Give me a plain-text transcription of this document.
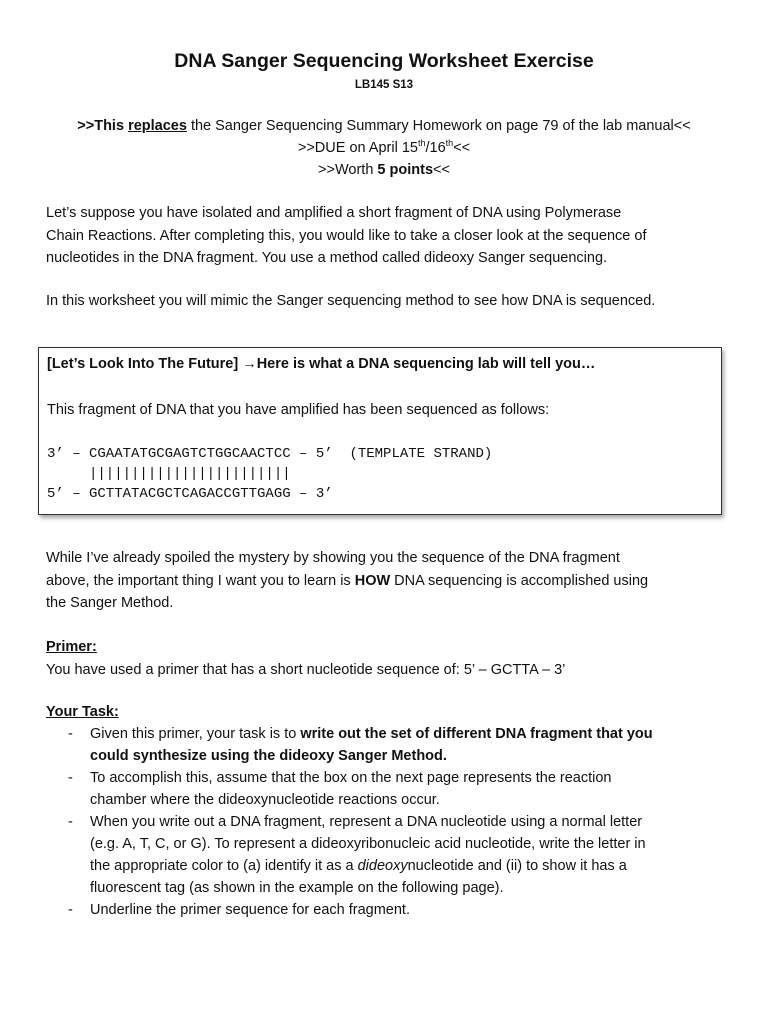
DNA Sanger Sequencing Worksheet Exercise
LB145 S13
>>This replaces the Sanger Sequencing Summary Homework on page 79 of the lab manual<<
>>DUE on April 15th/16th<<
>>Worth 5 points<<

Let’s suppose you have isolated and amplified a short fragment of DNA using Polymerase
Chain Reactions. After completing this, you would like to take a closer look at the sequence of
nucleotides in the DNA fragment. You use a method called dideoxy Sanger sequencing.

In this worksheet you will mimic the Sanger sequencing method to see how DNA is sequenced.

[Let’s Look Into The Future] →Here is what a DNA sequencing lab will tell you…
This fragment of DNA that you have amplified has been sequenced as follows:
3’ – CGAATATGCGAGTCTGGCAACTCC – 5’  (TEMPLATE STRAND)
||||||||||||||||||||||||
5’ – GCTTATACGCTCAGACCGTTGAGG – 3’

While I’ve already spoiled the mystery by showing you the sequence of the DNA fragment
above, the important thing I want you to learn is HOW DNA sequencing is accomplished using
the Sanger Method.

Primer:
You have used a primer that has a short nucleotide sequence of: 5’ – GCTTA – 3’

Your Task:

- Given this primer, your task is to write out the set of different DNA fragment that you
could synthesize using the dideoxy Sanger Method.
- To accomplish this, assume that the box on the next page represents the reaction
chamber where the dideoxynucleotide reactions occur.
- When you write out a DNA fragment, represent a DNA nucleotide using a normal letter
(e.g. A, T, C, or G). To represent a dideoxyribonucleic acid nucleotide, write the letter in
the appropriate color to (a) identify it as a dideoxynucleotide and (ii) to show it has a
fluorescent tag (as shown in the example on the following page).
- Underline the primer sequence for each fragment.
